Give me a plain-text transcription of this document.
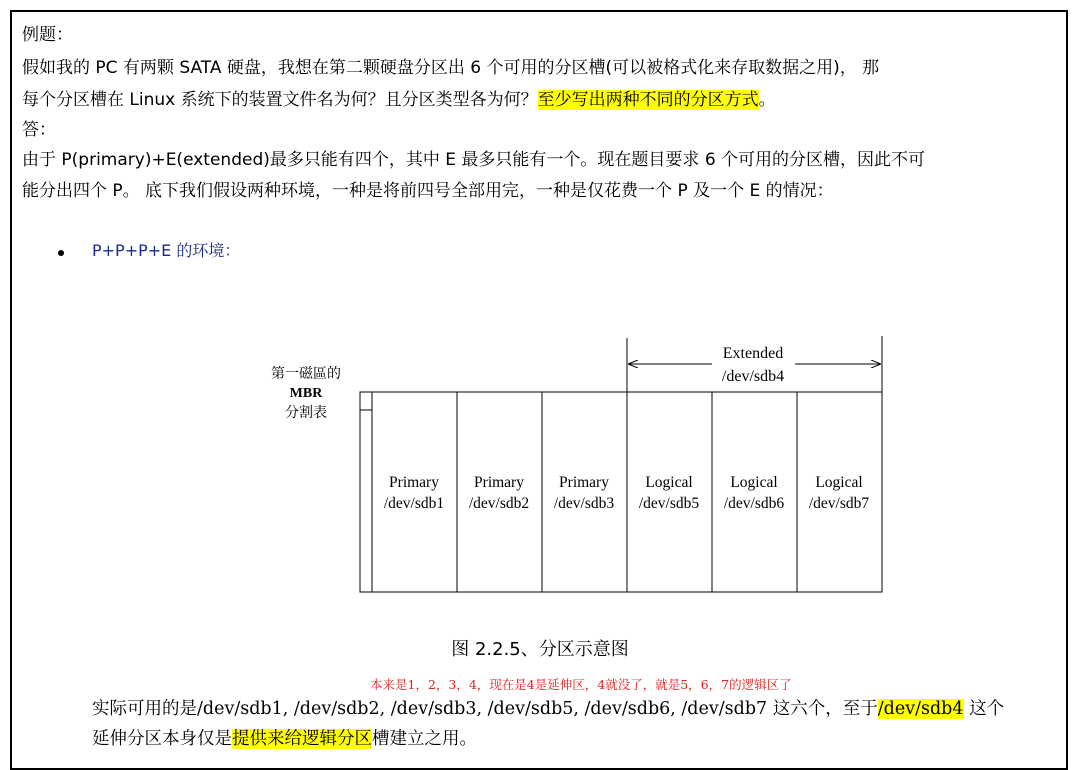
例题：
假如我的 PC 有两颗 SATA 硬盘，我想在第二颗硬盘分区出 6 个可用的分区槽(可以被格式化来存取数据之用)， 那
每个分区槽在 Linux 系统下的装置文件名为何？且分区类型各为何？至少写出两种不同的分区方式。
答：
由于 P(primary)+E(extended)最多只能有四个，其中 E 最多只能有一个。现在题目要求 6 个可用的分区槽，因此不可
能分出四个 P。 底下我们假设两种环境，一种是将前四号全部用完，一种是仅花费一个 P 及一个 E 的情况：
P+P+P+E 的环境：
第一磁區的
MBR
分割表
Extended
/dev/sdb4
Primary
/dev/sdb1
Primary
/dev/sdb2
Primary
/dev/sdb3
Logical
/dev/sdb5
Logical
/dev/sdb6
Logical
/dev/sdb7
图 2.2.5、分区示意图
本来是1，2，3，4，现在是4是延伸区，4就没了，就是5，6，7的逻辑区了
实际可用的是/dev/sdb1, /dev/sdb2, /dev/sdb3, /dev/sdb5, /dev/sdb6, /dev/sdb7 这六个，至于/dev/sdb4 这个
延伸分区本身仅是提供来给逻辑分区槽建立之用。
